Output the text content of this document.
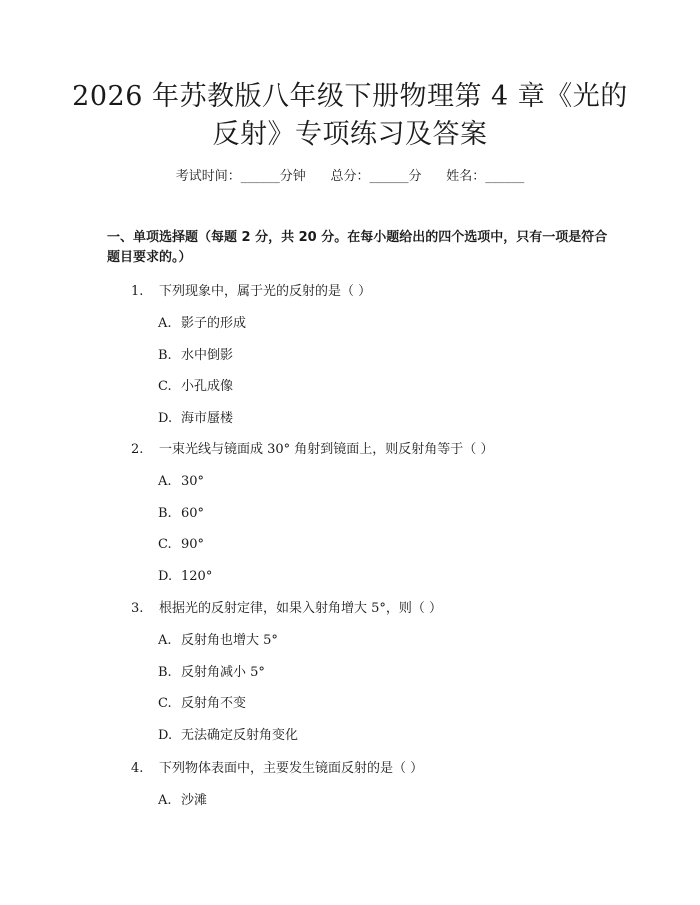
2026 年苏教版八年级下册物理第 4 章《光的
反射》专项练习及答案
考试时间：______分钟      总分：______分      姓名：______

一、单项选择题（每题 2 分，共 20 分。在每小题给出的四个选项中，只有一项是符合题目要求的。）

1.	下列现象中，属于光的反射的是（ ）
A. 影子的形成
B. 水中倒影
C. 小孔成像
D. 海市蜃楼
2.	一束光线与镜面成 30° 角射到镜面上，则反射角等于（ ）
A. 30°
B. 60°
C. 90°
D. 120°
3.	根据光的反射定律，如果入射角增大 5°，则（ ）
A. 反射角也增大 5°
B. 反射角减小 5°
C. 反射角不变
D. 无法确定反射角变化
4.	下列物体表面中，主要发生镜面反射的是（ ）
A. 沙滩
